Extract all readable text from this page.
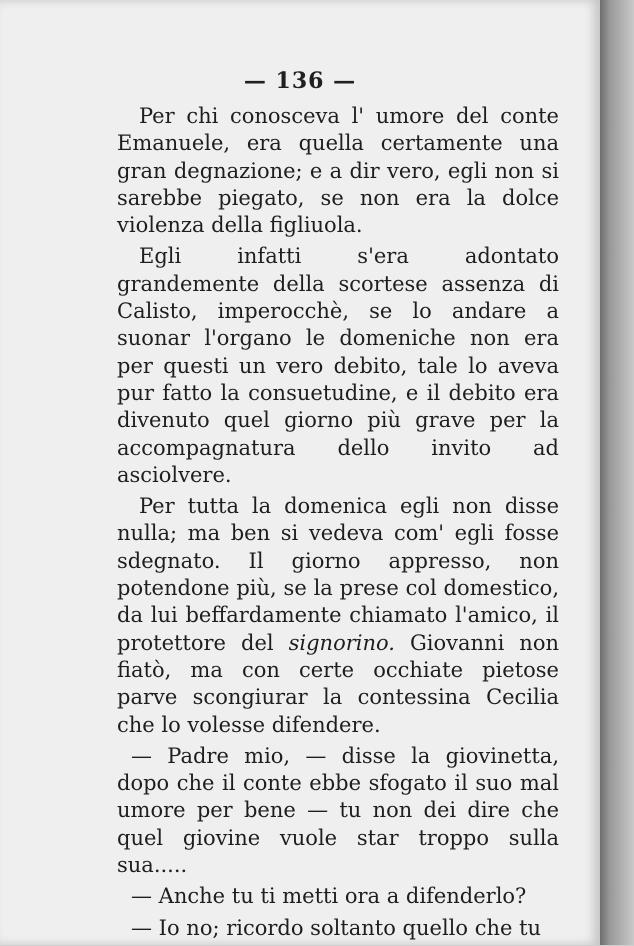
— 136 —

Per chi conosceva l' umore del conte Emanuele, era quella certamente una gran degnazione; e a dir vero, egli non si sarebbe piegato, se non era la dolce violenza della figliuola.

Egli infatti s'era adontato grandemente della scortese assenza di Calisto, imperocchè, se lo andare a suonar l'organo le domeniche non era per questi un vero debito, tale lo aveva pur fatto la consuetudine, e il debito era divenuto quel giorno più grave per la accompagnatura dello invito ad asciolvere.

Per tutta la domenica egli non disse nulla; ma ben si vedeva com' egli fosse sdegnato. Il giorno appresso, non potendone più, se la prese col domestico, da lui beffardamente chiamato l'amico, il protettore del signorino. Giovanni non fiatò, ma con certe occhiate pietose parve scongiurar la contessina Cecilia che lo volesse difendere.

— Padre mio, — disse la giovinetta, dopo che il conte ebbe sfogato il suo mal umore per bene — tu non dei dire che quel giovine vuole star troppo sulla sua.....

— Anche tu ti metti ora a difenderlo?

— Io no; ricordo soltanto quello che tu
